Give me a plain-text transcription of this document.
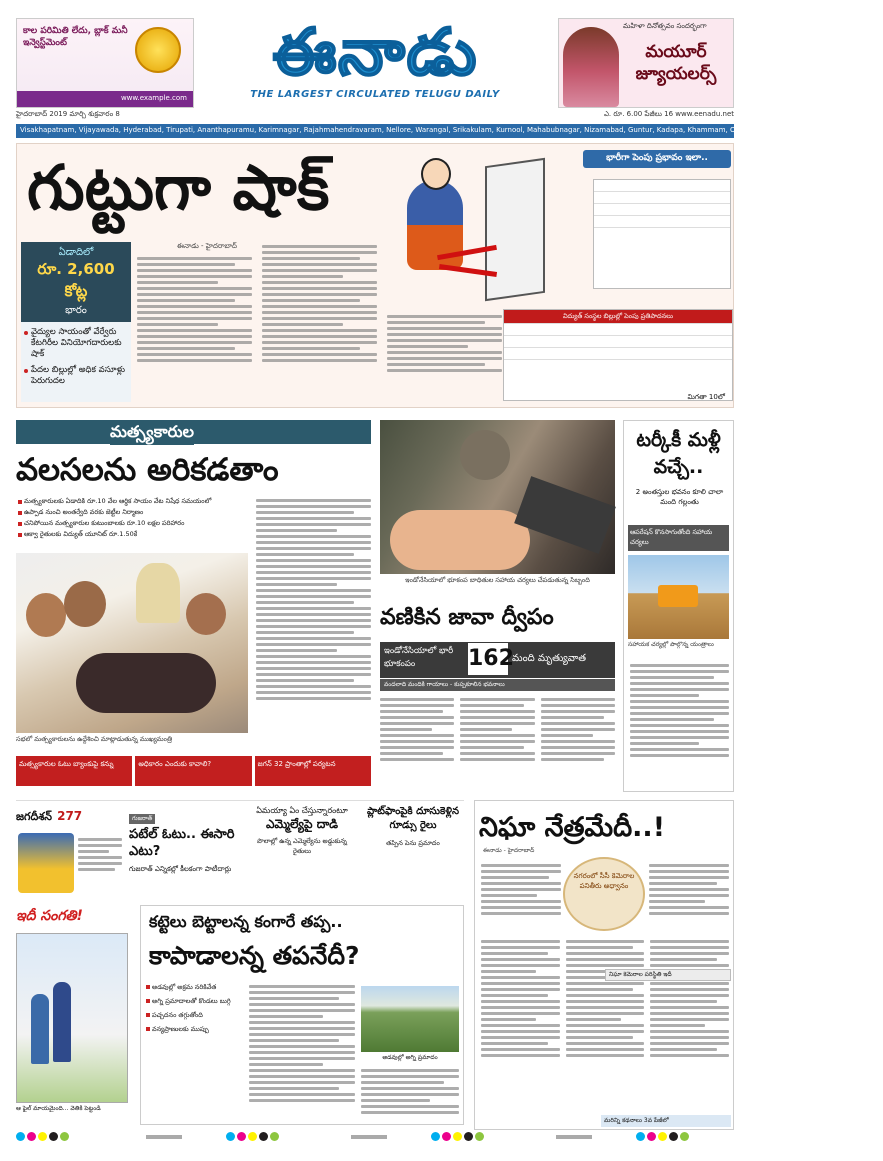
కాల పరిమితి లేదు, బ్లాక్ మనీ ఇన్వెస్ట్‌మెంట్
www.example.com
ఈనాడు
THE LARGEST CIRCULATED TELUGU DAILY
మహిళా దినోత్సవం సందర్భంగా
మయూర్ జ్యూయలర్స్
హైదరాబాద్ 2019 మార్చి శుక్రవారం 8	ఎ. రూ. 6.00 పేజీలు 16 www.eenadu.net
Visakhapatnam, Vijayawada, Hyderabad, Tirupati, Ananthapuramu, Karimnagar, Rajahmahendravaram, Nellore, Warangal, Srikakulam, Kurnool, Mahabubnagar, Nizamabad, Guntur, Kadapa, Khammam, Ongole, Bengaluru, Chennai, Delhi, Mumbai
గుట్టుగా షాక్
ఏడాదిలో
రూ. 2,600 కోట్ల
భారం
వైద్యుల సాయంతో వేర్వేరు కేటగిరీల వినియోగదారులకు షాక్
పేదల బిల్లుల్లో అధిక వసూళ్లు పెరుగుదల
ఈనాడు - హైదరాబాద్
భారీగా పెంపు ప్రభావం ఇలా..

విద్యుత్ సంస్థల బిల్లుల్లో పెంపు ప్రతిపాదనలు

మిగతా 10లో
మత్స్యకారుల
వలసలను అరికడతాం
మత్స్యకారులకు ఏడాదికి రూ.10 వేల ఆర్థిక సాయం వేట నిషేధ సమయంలో
ఉప్పాడ నుంచి అంతర్వేది వరకు జెట్టీల నిర్మాణం
చనిపోయిన మత్స్యకారుల కుటుంబాలకు రూ.10 లక్షల పరిహారం
ఆక్వా రైతులకు విద్యుత్ యూనిట్ రూ.1.50కే
సభలో మత్స్యకారులను ఉద్దేశించి మాట్లాడుతున్న ముఖ్యమంత్రి
మత్స్యకారుల ఓటు బ్యాంకుపై కన్ను	అధికారం ఎందుకు కావాలి?	జగన్ 32 ప్రాంతాల్లో పర్యటన
ఇండోనేసియాలో భూకంప బాధితుల సహాయ చర్యలు చేపడుతున్న సిబ్బంది
వణికిన జావా ద్వీపం
ఇండోనేసియాలో భారీ భూకంపం	162
మంది మృత్యువాత
వందలాది మందికి గాయాలు - కుప్పకూలిన భవనాలు
టర్కీకీ మళ్లీ వచ్చే..
2 అంతస్తుల భవనం కూలి చాలా మంది గల్లంతు
ఆపరేషన్ కొనసాగుతోంది సహాయ చర్యలు
సహాయక చర్యల్లో పాల్గొన్న యంత్రాలు
జగదీశన్ 277	గుజరాత్
పటేల్ ఓటు.. ఈసారి ఎటు?
గుజరాత్ ఎన్నికల్లో కీలకంగా పాటీదార్లు
ఏమయ్యా ఏం చేస్తున్నారంటూ
ఎమ్మెల్యేపై దాడి
పొలాల్లో ఉన్న ఎమ్మెల్యేను అడ్డుకున్న రైతులు
ప్లాట్‌ఫాంపైకి దూసుకెళ్లిన గూడ్సు రైలు
తప్పిన పెను ప్రమాదం	నిఘా నేత్రమేదీ..!
ఈనాడు - హైదరాబాద్
నగరంలో సీసీ కెమెరాల పనితీరు అధ్వానం
నిఘా కెమెరాల పరిస్థితి ఇదీ
మరిన్ని కథనాలు 3వ పేజీలో
ఇదీ సంగతి!
ఆ ఫైల్ మాయమైంది... వెతికి పెట్టండి
కట్టెలు బెట్టాలన్న కంగారే తప్ప..
కాపాడాలన్న తపనేదీ?
అడవుల్లో అక్రమ నరికివేత
అగ్ని ప్రమాదాలతో కొండలు బుగ్గి
పచ్చదనం తగ్గుతోంది
వన్యప్రాణులకు ముప్పు
అడవుల్లో అగ్ని ప్రమాదం
